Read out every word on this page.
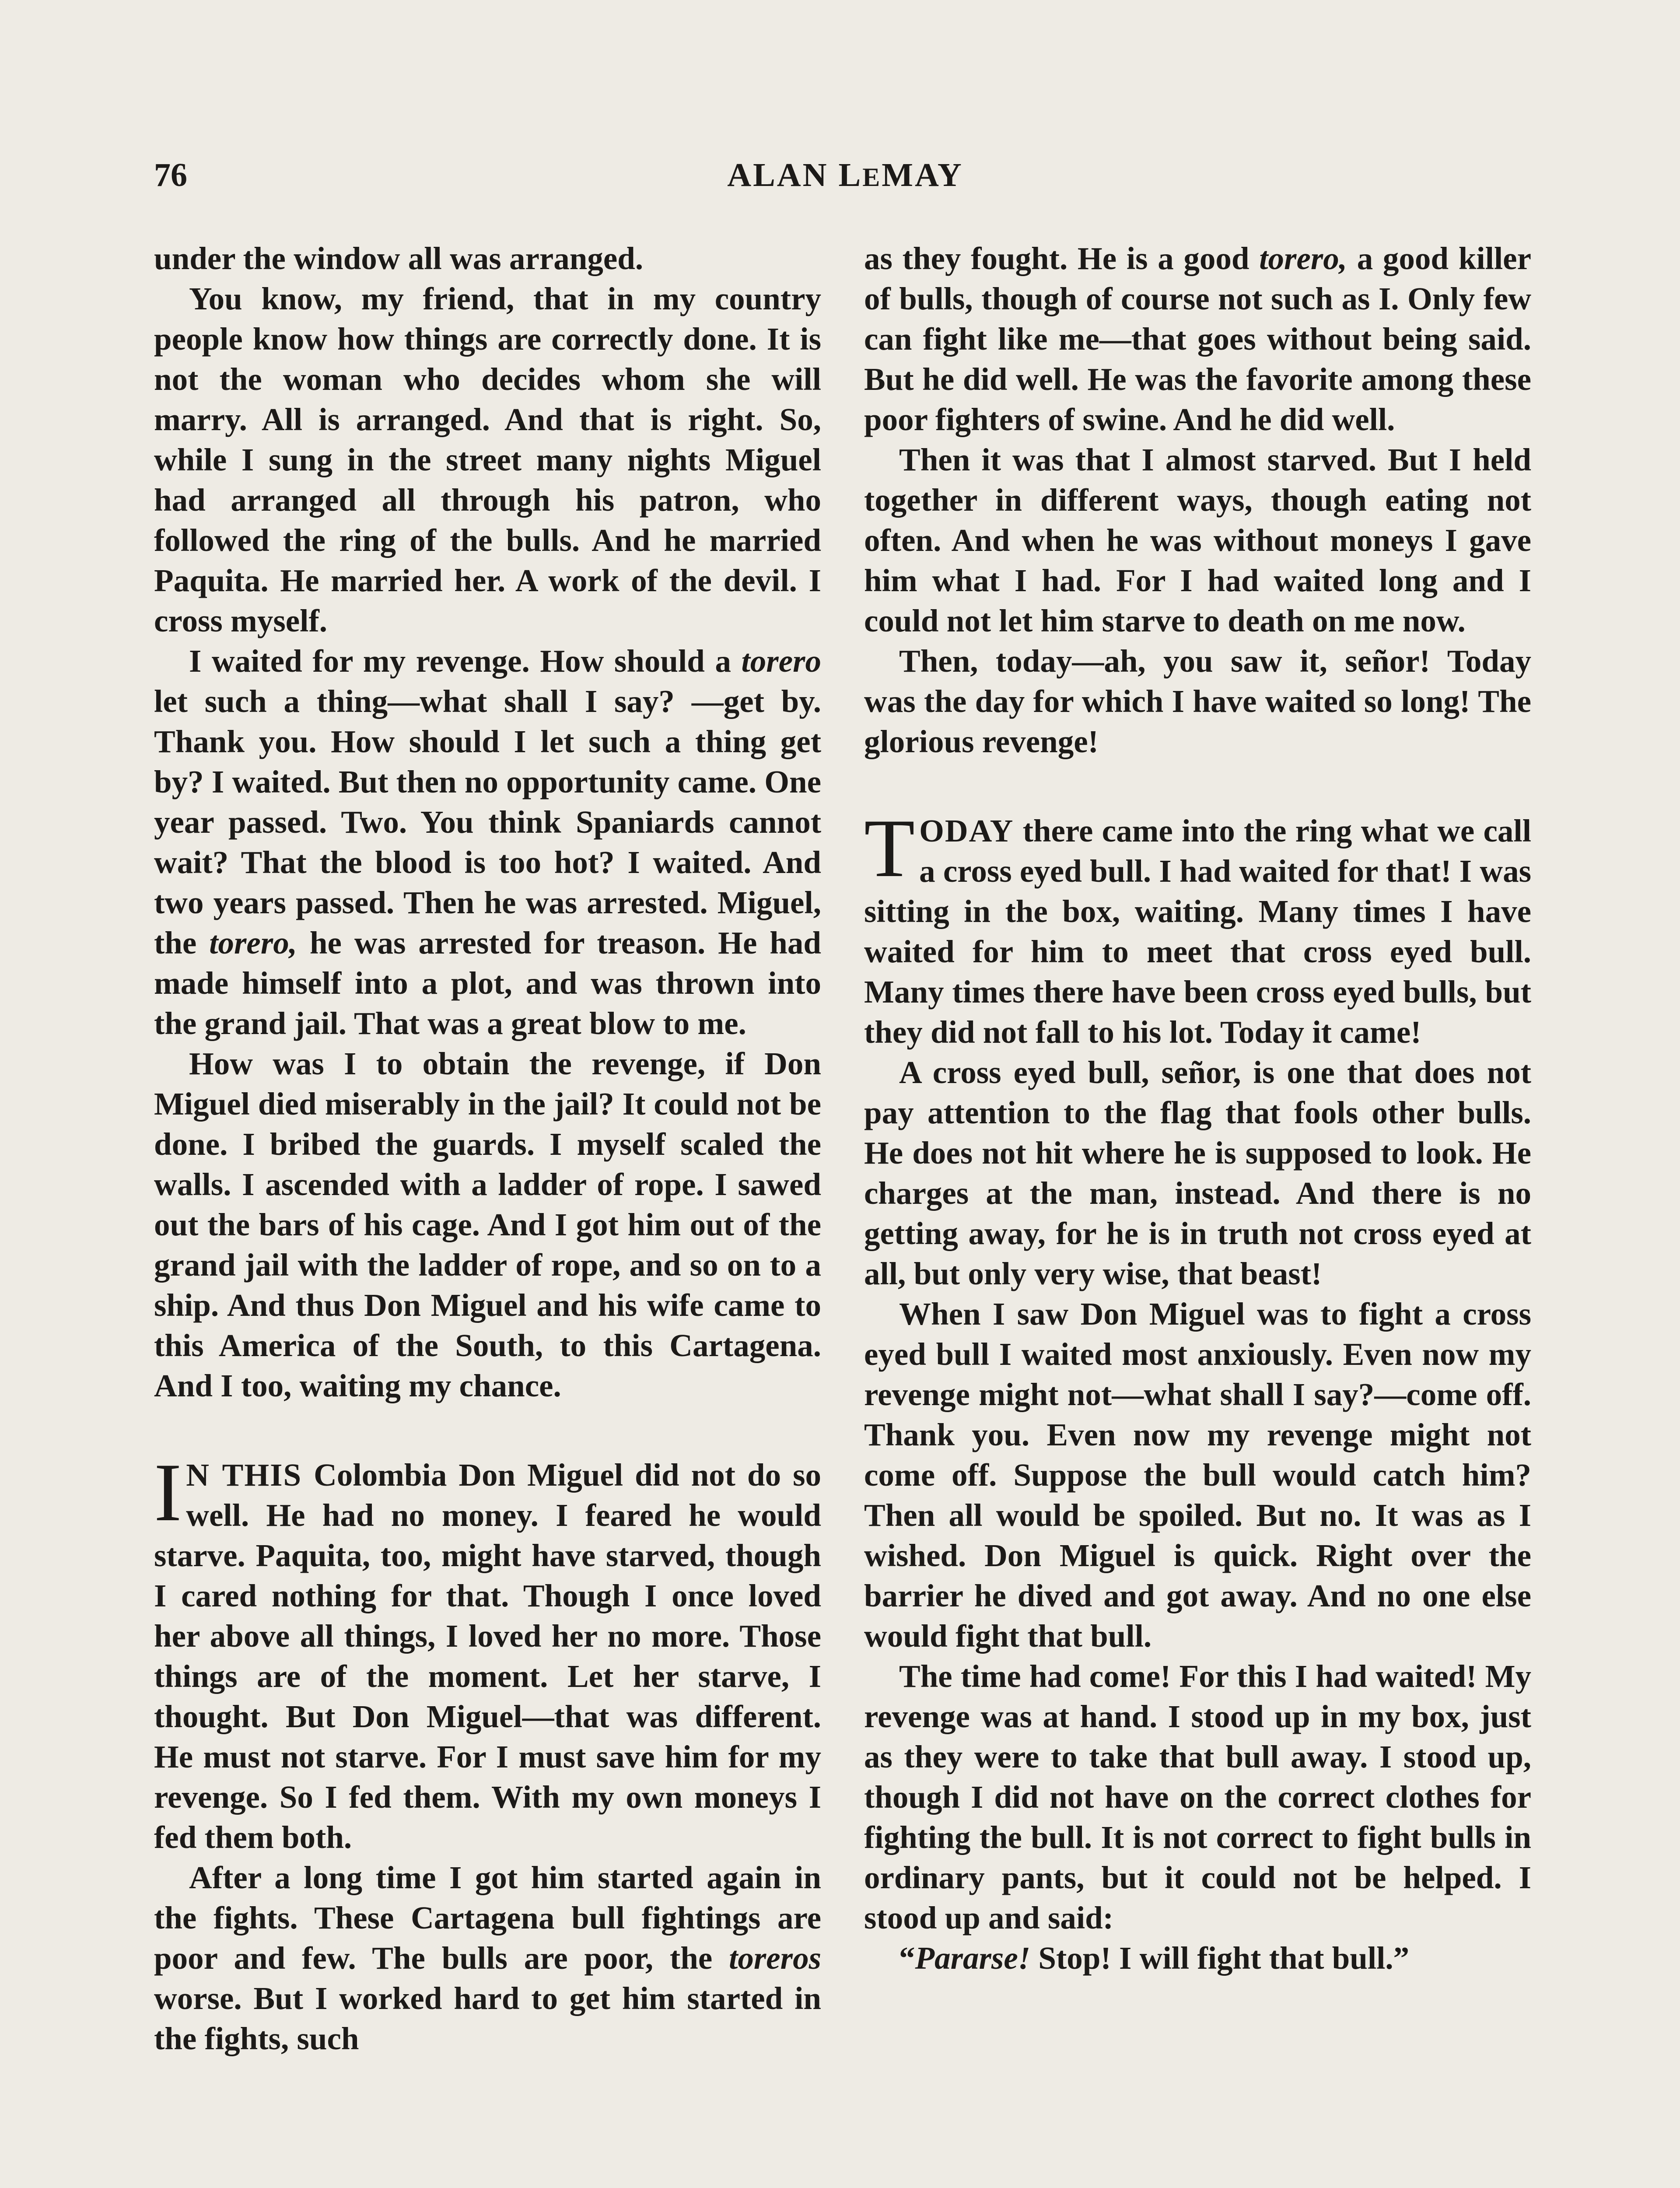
76	ALAN LEMAY

under the window all was arranged.

You know, my friend, that in my country people know how things are correctly done. It is not the woman who decides whom she will marry. All is arranged. And that is right. So, while I sung in the street many nights Miguel had arranged all through his patron, who followed the ring of the bulls. And he married Paquita. He married her. A work of the devil. I cross myself.

I waited for my revenge. How should a torero let such a thing—what shall I say? —get by. Thank you. How should I let such a thing get by? I waited. But then no opportunity came. One year passed. Two. You think Spaniards cannot wait? That the blood is too hot? I waited. And two years passed. Then he was arrested. Miguel, the torero, he was arrested for treason. He had made himself into a plot, and was thrown into the grand jail. That was a great blow to me.

How was I to obtain the revenge, if Don Miguel died miserably in the jail? It could not be done. I bribed the guards. I myself scaled the walls. I ascended with a ladder of rope. I sawed out the bars of his cage. And I got him out of the grand jail with the ladder of rope, and so on to a ship. And thus Don Miguel and his wife came to this America of the South, to this Cartagena. And I too, waiting my chance.

I N THIS Colombia Don Miguel did not do so well. He had no money. I feared he would starve. Paquita, too, might have starved, though I cared nothing for that. Though I once loved her above all things, I loved her no more. Those things are of the moment. Let her starve, I thought. But Don Miguel—that was different. He must not starve. For I must save him for my revenge. So I fed them. With my own moneys I fed them both.

After a long time I got him started again in the fights. These Cartagena bull fightings are poor and few. The bulls are poor, the toreros worse. But I worked hard to get him started in the fights, such

as they fought. He is a good torero, a good killer of bulls, though of course not such as I. Only few can fight like me—that goes without being said. But he did well. He was the favorite among these poor fighters of swine. And he did well.

Then it was that I almost starved. But I held together in different ways, though eating not often. And when he was without moneys I gave him what I had. For I had waited long and I could not let him starve to death on me now.

Then, today—ah, you saw it, señor! Today was the day for which I have waited so long! The glorious revenge!

TODAY there came into the ring what we call a cross eyed bull. I had waited for that! I was sitting in the box, waiting. Many times I have waited for him to meet that cross eyed bull. Many times there have been cross eyed bulls, but they did not fall to his lot. Today it came!

A cross eyed bull, señor, is one that does not pay attention to the flag that fools other bulls. He does not hit where he is supposed to look. He charges at the man, instead. And there is no getting away, for he is in truth not cross eyed at all, but only very wise, that beast!

When I saw Don Miguel was to fight a cross eyed bull I waited most anxiously. Even now my revenge might not—what shall I say?—come off. Thank you. Even now my revenge might not come off. Suppose the bull would catch him? Then all would be spoiled. But no. It was as I wished. Don Miguel is quick. Right over the barrier he dived and got away. And no one else would fight that bull.

The time had come! For this I had waited! My revenge was at hand. I stood up in my box, just as they were to take that bull away. I stood up, though I did not have on the correct clothes for fighting the bull. It is not correct to fight bulls in ordinary pants, but it could not be helped. I stood up and said:

“Pararse! Stop! I will fight that bull.”
